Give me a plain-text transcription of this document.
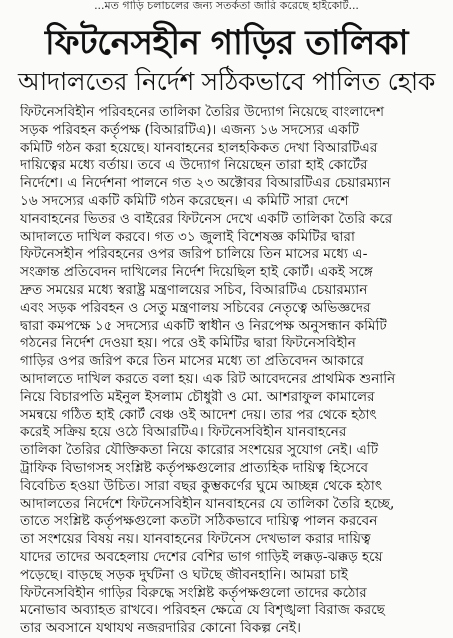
...মত গাড়ি চলাচলের জন্য সতর্কতা জারি করেছে হাইকোর্ট...
ফিটনেসহীন গাড়ির তালিকা
আদালতের নির্দেশ সঠিকভাবে পালিত হোক
ফিটনেসবিহীন পরিবহনের তালিকা তৈরির উদ্যোগ নিয়েছে বাংলাদেশ
সড়ক পরিবহন কর্তৃপক্ষ (বিআরটিএ)। এজন্য ১৬ সদস্যের একটি
কমিটি গঠন করা হয়েছে। যানবাহনের হালহকিকত দেখা বিআরটিএর
দায়িত্বের মধ্যে বর্তায়। তবে এ উদ্যোগ নিয়েছেন তারা হাই কোর্টের
নির্দেশে। এ নির্দেশনা পালনে গত ২৩ অক্টোবর বিআরটিএর চেয়ারম্যান
১৬ সদস্যের একটি কমিটি গঠন করেছেন। এ কমিটি সারা দেশে
যানবাহনের ভিতর ও বাইরের ফিটনেস দেখে একটি তালিকা তৈরি করে
আদালতে দাখিল করবে। গত ৩১ জুলাই বিশেষজ্ঞ কমিটির দ্বারা
ফিটনেসহীন পরিবহনের ওপর জরিপ চালিয়ে তিন মাসের মধ্যে এ-
সংক্রান্ত প্রতিবেদন দাখিলের নির্দেশ দিয়েছিল হাই কোর্ট। একই সঙ্গে
দ্রুত সময়ের মধ্যে স্বরাষ্ট্র মন্ত্রণালয়ের সচিব, বিআরটিএ চেয়ারম্যান
এবং সড়ক পরিবহন ও সেতু মন্ত্রণালয় সচিবের নেতৃত্বে অভিজ্ঞদের
দ্বারা কমপক্ষে ১৫ সদস্যের একটি স্বাধীন ও নিরপেক্ষ অনুসন্ধান কমিটি
গঠনের নির্দেশ দেওয়া হয়। পরে ওই কমিটির দ্বারা ফিটনেসবিহীন
গাড়ির ওপর জরিপ করে তিন মাসের মধ্যে তা প্রতিবেদন আকারে
আদালতে দাখিল করতে বলা হয়। এক রিট আবেদনের প্রাথমিক শুনানি
নিয়ে বিচারপতি মইনুল ইসলাম চৌধুরী ও মো. আশরাফুল কামালের
সমন্বয়ে গঠিত হাই কোর্ট বেঞ্চ ওই আদেশ দেয়। তার পর থেকে হঠাৎ
করেই সক্রিয় হয়ে ওঠে বিআরটিএ। ফিটনেসবিহীন যানবাহনের
তালিকা তৈরির যৌক্তিকতা নিয়ে কারোর সংশয়ের সুযোগ নেই। এটি
ট্রাফিক বিভাগসহ সংশ্লিষ্ট কর্তৃপক্ষগুলোর প্রাত্যহিক দায়িত্ব হিসেবে
বিবেচিত হওয়া উচিত। সারা বছর কুম্ভকর্ণের ঘুমে আচ্ছন্ন থেকে হঠাৎ
আদালতের নির্দেশে ফিটনেসবিহীন যানবাহনের যে তালিকা তৈরি হচ্ছে,
তাতে সংশ্লিষ্ট কর্তৃপক্ষগুলো কতটা সঠিকভাবে দায়িত্ব পালন করবেন
তা সংশয়ের বিষয় নয়। যানবাহনের ফিটনেস দেখভাল করার দায়িত্ব
যাদের তাদের অবহেলায় দেশের বেশির ভাগ গাড়িই লক্কড়-ঝক্কড় হয়ে
পড়েছে। বাড়ছে সড়ক দুর্ঘটনা ও ঘটছে জীবনহানি। আমরা চাই
ফিটনেসবিহীন গাড়ির বিরুদ্ধে সংশ্লিষ্ট কর্তৃপক্ষগুলো তাদের কঠোর
মনোভাব অব্যাহত রাখবে। পরিবহন ক্ষেত্রে যে বিশৃঙ্খলা বিরাজ করছে
তার অবসানে যথাযথ নজরদারির কোনো বিকল্প নেই।
